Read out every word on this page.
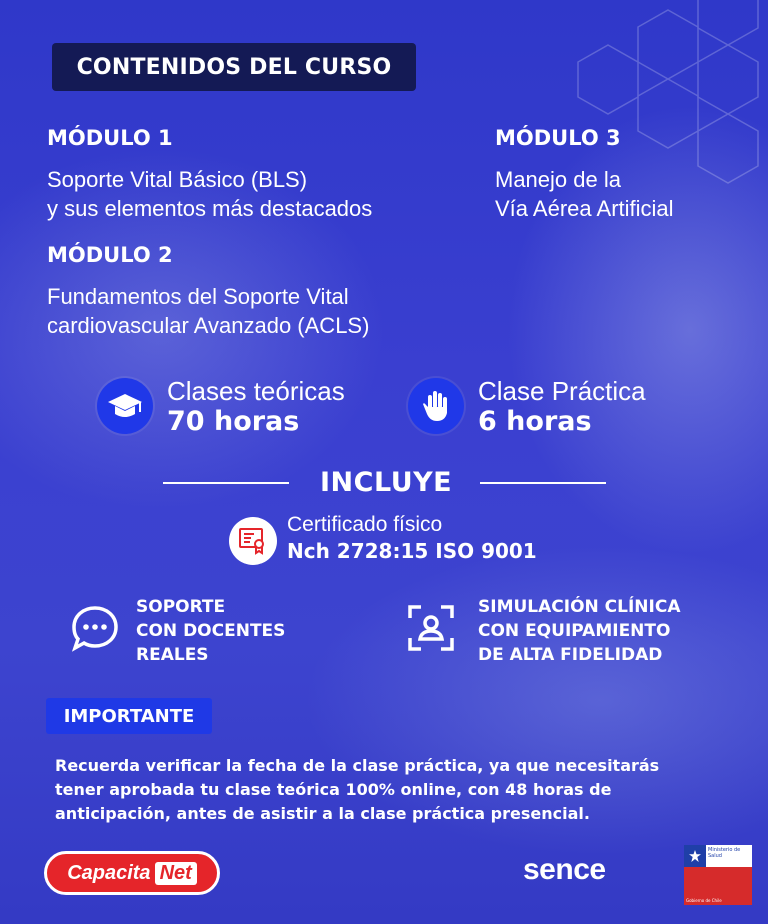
CONTENIDOS DEL CURSO
MÓDULO 1
Soporte Vital Básico (BLS)
y sus elementos más destacados
MÓDULO 3
Manejo de la
Vía Aérea Artificial
MÓDULO 2
Fundamentos del Soporte Vital
cardiovascular Avanzado (ACLS)
Clases teóricas
70 horas
Clase Práctica
6 horas
INCLUYE
Certificado físico
Nch 2728:15 ISO 9001
SOPORTE
CON DOCENTES
REALES
SIMULACIÓN CLÍNICA
CON EQUIPAMIENTO
DE ALTA FIDELIDAD
IMPORTANTE
Recuerda verificar la fecha de la clase práctica, ya que necesitarás
tener aprobada tu clase teórica 100% online, con 48 horas de
anticipación, antes de asistir a la clase práctica presencial.
Capacita Net	sence
Ministerio de Salud
Gobierno de Chile
